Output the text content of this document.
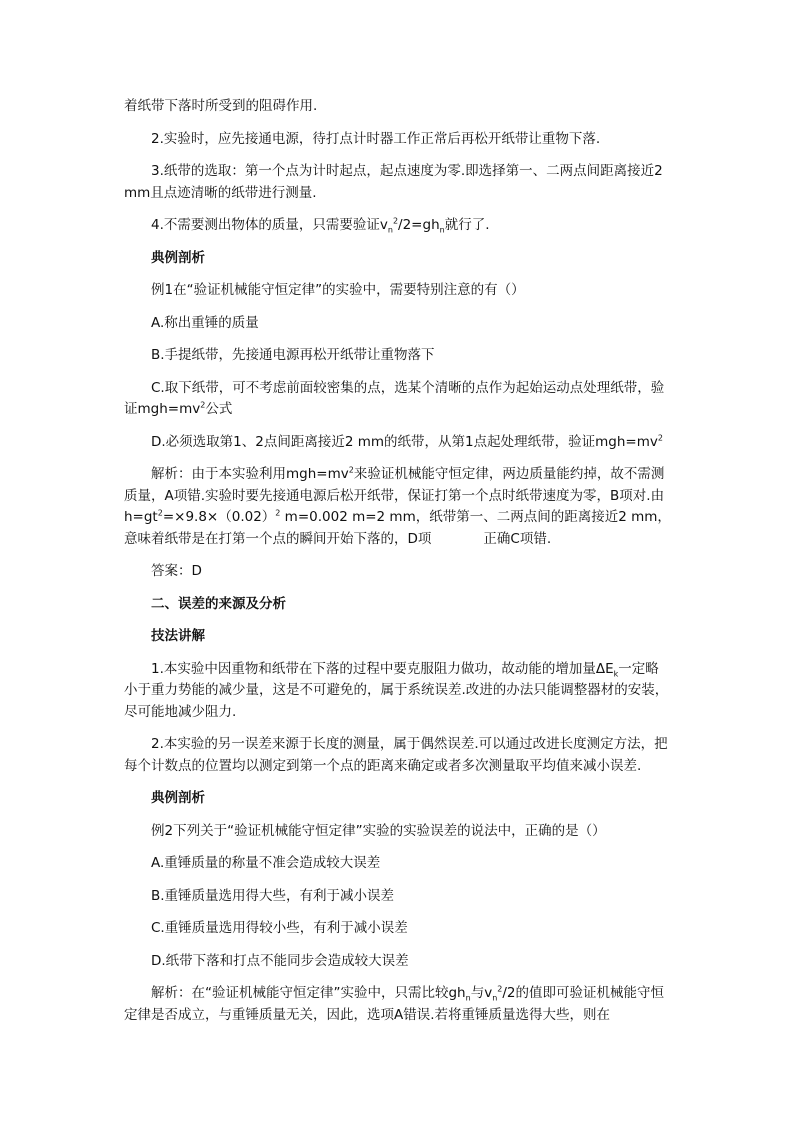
着纸带下落时所受到的阻碍作用.

2.实验时，应先接通电源，待打点计时器工作正常后再松开纸带让重物下落.

3.纸带的选取：第一个点为计时起点，起点速度为零.即选择第一、二两点间距离接近2 mm且点迹清晰的纸带进行测量.

4.不需要测出物体的质量，只需要验证$v_n^2/2=gh_n$就行了.

典例剖析

例1在“验证机械能守恒定律”的实验中，需要特别注意的有（）

A.称出重锤的质量

B.手提纸带，先接通电源再松开纸带让重物落下

C.取下纸带，可不考虑前面较密集的点，选某个清晰的点作为起始运动点处理纸带，验证$mgh=mv^2$公式

D.必须选取第1、2点间距离接近2 mm的纸带，从第1点起处理纸带，验证$mgh=mv^2$

解析：由于本实验利用$mgh=mv^2$来验证机械能守恒定律，两边质量能约掉，故不需测质量，A项错.实验时要先接通电源后松开纸带，保证打第一个点时纸带速度为零，B项对.由$h=gt^2=\times 9.8\times(0.02)^2$ m=0.002 m=2 mm，纸带第一、二两点间的距离接近2 mm，意味着纸带是在打第一个点的瞬间开始下落的，D项	正确C项错.

答案：D

二、误差的来源及分析

技法讲解

1.本实验中因重物和纸带在下落的过程中要克服阻力做功，故动能的增加量$\Delta E_k$一定略小于重力势能的减少量，这是不可避免的，属于系统误差.改进的办法只能调整器材的安装，尽可能地减少阻力.

2.本实验的另一误差来源于长度的测量，属于偶然误差.可以通过改进长度测定方法，把每个计数点的位置均以测定到第一个点的距离来确定或者多次测量取平均值来减小误差.

典例剖析

例2下列关于“验证机械能守恒定律”实验的实验误差的说法中，正确的是（）

A.重锤质量的称量不准会造成较大误差

B.重锤质量选用得大些，有利于减小误差

C.重锤质量选用得较小些，有利于减小误差

D.纸带下落和打点不能同步会造成较大误差

解析：在“验证机械能守恒定律”实验中，只需比较$gh_n$与$v_n^2/2$的值即可验证机械能守恒定律是否成立，与重锤质量无关，因此，选项A错误.若将重锤质量选得大些，则在
